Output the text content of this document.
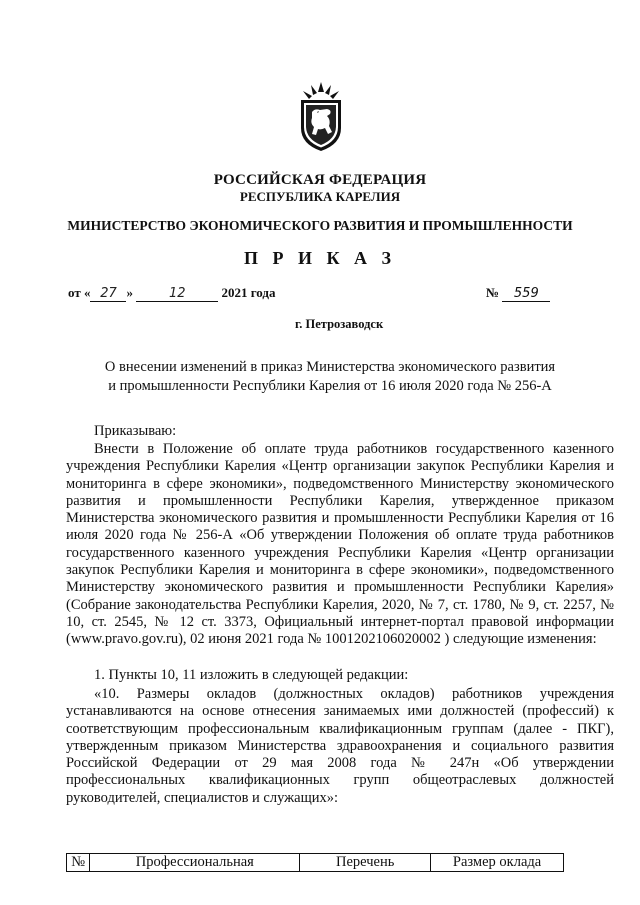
РОССИЙСКАЯ ФЕДЕРАЦИЯ
РЕСПУБЛИКА КАРЕЛИЯ
МИНИСТЕРСТВО ЭКОНОМИЧЕСКОГО РАЗВИТИЯ И ПРОМЫШЛЕННОСТИ
П Р И К А З
от « 27 »	12	2021 года	№ 559
г. Петрозаводск
О внесении изменений в приказ Министерства экономического развития и промышленности Республики Карелия от 16 июля 2020 года № 256-А
Приказываю:
Внести в Положение об оплате труда работников государственного казенного учреждения Республики Карелия «Центр организации закупок Республики Карелия и мониторинга в сфере экономики», подведомственного Министерству экономического развития и промышленности Республики Карелия, утвержденное приказом Министерства экономического развития и промышленности Республики Карелия от 16 июля 2020 года № 256-А «Об утверждении Положения об оплате труда работников государственного казенного учреждения Республики Карелия «Центр организации закупок Республики Карелия и мониторинга в сфере экономики», подведомственного Министерству экономического развития и промышленности Республики Карелия» (Собрание законодательства Республики Карелия, 2020, № 7, ст. 1780, № 9, ст. 2257, № 10, ст. 2545, № 12 ст. 3373, Официальный интернет-портал правовой информации (www.pravo.gov.ru), 02 июня 2021 года № 1001202106020002 ) следующие изменения:
1. Пункты 10, 11 изложить в следующей редакции:
«10. Размеры окладов (должностных окладов) работников учреждения устанавливаются на основе отнесения занимаемых ими должностей (профессий) к соответствующим профессиональным квалификационным группам (далее - ПКГ), утвержденным приказом Министерства здравоохранения и социального развития Российской Федерации от 29 мая 2008 года № 247н «Об утверждении профессиональных квалификационных групп общеотраслевых должностей руководителей, специалистов и служащих»:
№	Профессиональная	Перечень	Размер оклада
